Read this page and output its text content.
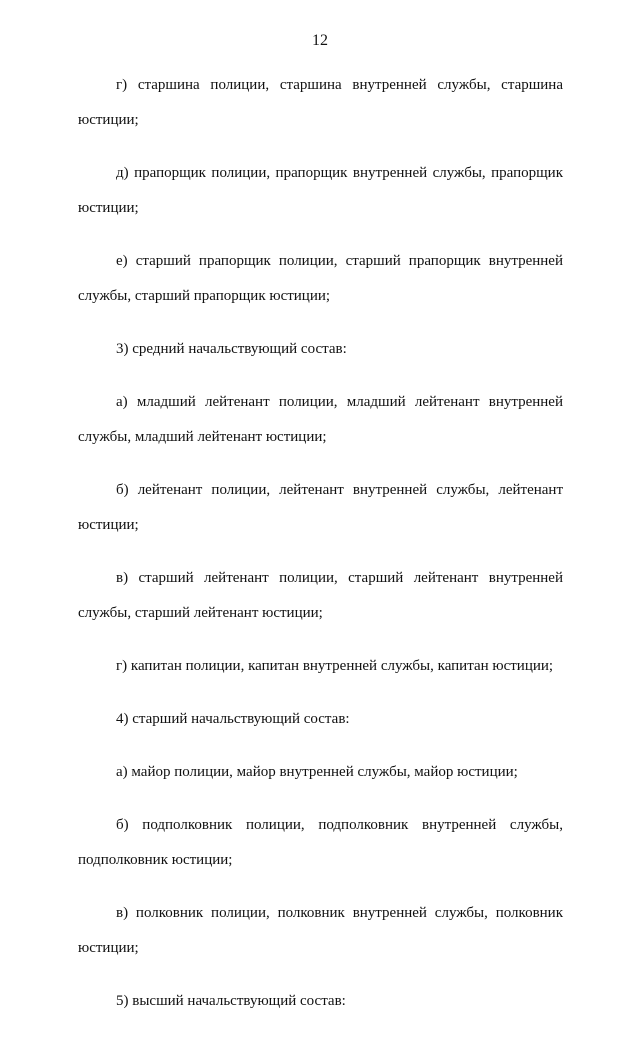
12

г) старшина полиции, старшина внутренней службы, старшина юстиции;

д) прапорщик полиции, прапорщик внутренней службы, прапорщик юстиции;

е) старший прапорщик полиции, старший прапорщик внутренней службы, старший прапорщик юстиции;

3) средний начальствующий состав:

а) младший лейтенант полиции, младший лейтенант внутренней службы, младший лейтенант юстиции;

б) лейтенант полиции, лейтенант внутренней службы, лейтенант юстиции;

в) старший лейтенант полиции, старший лейтенант внутренней службы, старший лейтенант юстиции;

г) капитан полиции, капитан внутренней службы, капитан юстиции;

4) старший начальствующий состав:

а) майор полиции, майор внутренней службы, майор юстиции;

б) подполковник полиции, подполковник внутренней службы, подполковник юстиции;

в) полковник полиции, полковник внутренней службы, полковник юстиции;

5) высший начальствующий состав:
